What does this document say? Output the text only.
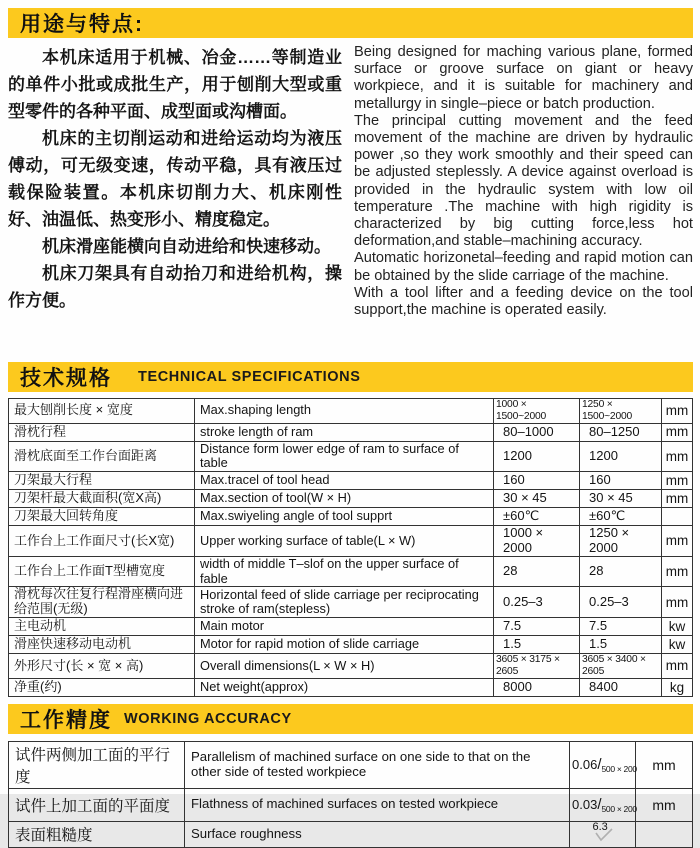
用途与特点:

本机床适用于机械、冶金……等制造业的单件小批或成批生产，用于刨削大型或重型零件的各种平面、成型面或沟槽面。

机床的主切削运动和进给运动均为液压傅动，可无级变速，传动平稳，具有液压过载保险装置。本机床切削力大、机床刚性好、油温低、热变形小、精度稳定。

机床滑座能横向自动进给和快速移动。

机床刀架具有自动抬刀和进给机构，操作方便。

Being designed for maching various plane, formed surface or groove surface on giant or heavy workpiece, and it is suitable for machinery and metallurgy in single–piece or batch production.

The principal cutting movement and the feed movement of the machine are driven by hydraulic power ,so they work smoothly and their speed can be adjusted steplessly. A device against overload is provided in the hydraulic system with low oil temperature .The machine with high rigidity is characterized by big cutting force,less hot deformation,and stable–machining accuracy.

Automatic horizonetal–feeding and rapid motion can be obtained by the slide carriage of the machine.

With a tool lifter and a feeding device on the tool support,the machine is operated easily.

技术规格 TECHNICAL SPECIFICATIONS
最大刨削长度 × 宽度	Max.shaping length	1000 × 1500~2000	1250 × 1500~2000	mm
滑枕行程	stroke length of ram	80–1000	80–1250	mm
滑枕底面至工作台面距离	Distance form lower edge of ram to surface of table	1200	1200	mm
刀架最大行程	Max.tracel of tool head	160	160	mm
刀架杆最大截面积(宽X高)	Max.section of tool(W × H)	30 × 45	30 × 45	mm
刀架最大回转角度	Max.swiyeling angle of tool supprt	±60℃	±60℃	
工作台上工作面尺寸(长X宽)	Upper working surface of table(L × W)	1000 × 2000	1250 × 2000	mm
工作台上工作面T型槽宽度	width of middle T–slof on the upper surface of fable	28	28	mm
滑枕每次往复行程滑座横向进给范围(无级)	Horizontal feed of slide carriage per reciprocating stroke of ram(stepless)	0.25–3	0.25–3	mm
主电动机	Main motor	7.5	7.5	kw
滑座快速移动电动机	Motor for rapid motion of slide carriage	1.5	1.5	kw
外形尺寸(长 × 宽 × 高)	Overall dimensions(L × W × H)	3605 × 3175 × 2605	3605 × 3400 × 2605	mm
净重(约)	Net weight(approx)	8000	8400	kg
工作精度 WORKING ACCURACY
试件两侧加工面的平行度	Parallelism of machined surface on one side to that on the other side of tested workpiece	0.06/500 × 200	mm
试件上加工面的平面度	Flathness of machined surfaces on tested workpiece	0.03/500 × 200	mm
表面粗糙度	Surface roughness	6.3	
